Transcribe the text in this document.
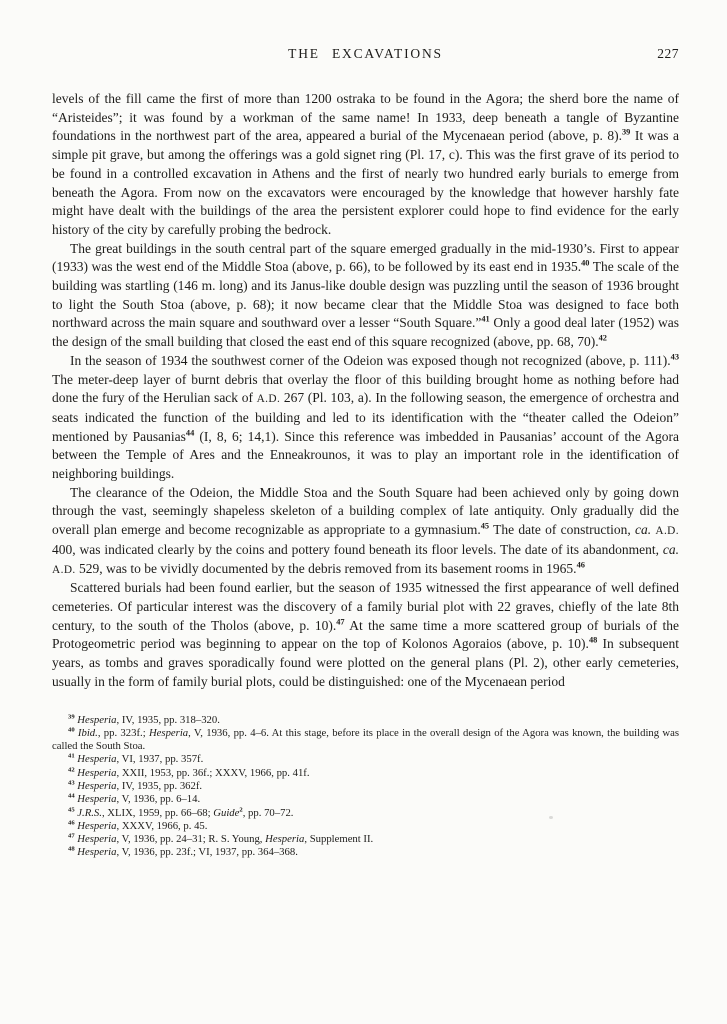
THE EXCAVATIONS	227

levels of the fill came the first of more than 1200 ostraka to be found in the Agora; the sherd bore the name of “Aristeides”; it was found by a workman of the same name! In 1933, deep beneath a tangle of Byzantine foundations in the northwest part of the area, appeared a burial of the Mycenaean period (above, p. 8).$^{39}$ It was a simple pit grave, but among the offerings was a gold signet ring (Pl. 17, c). This was the first grave of its period to be found in a controlled excavation in Athens and the first of nearly two hundred early burials to emerge from beneath the Agora. From now on the excavators were encouraged by the knowledge that however harshly fate might have dealt with the buildings of the area the persistent explorer could hope to find evidence for the early history of the city by carefully probing the bedrock.

The great buildings in the south central part of the square emerged gradually in the mid-1930’s. First to appear (1933) was the west end of the Middle Stoa (above, p. 66), to be followed by its east end in 1935.40 The scale of the building was startling (146 m. long) and its Janus-like double design was puzzling until the season of 1936 brought to light the South Stoa (above, p. 68); it now became clear that the Middle Stoa was designed to face both northward across the main square and southward over a lesser “South Square.”$^{41}$ Only a good deal later (1952) was the design of the small building that closed the east end of this square recognized (above, pp. 68, 70).$^{42}$

In the season of 1934 the southwest corner of the Odeion was exposed though not recognized (above, p. 111).$^{43}$ The meter-deep layer of burnt debris that overlay the floor of this building brought home as nothing before had done the fury of the Herulian sack of A.D. 267 (Pl. 103, a). In the following season, the emergence of orchestra and seats indicated the function of the building and led to its identification with the “theater called the Odeion” mentioned by Pausanias$^{44}$ (I, 8, 6; 14,1). Since this reference was imbedded in Pausanias’ account of the Agora between the Temple of Ares and the Enneakrounos, it was to play an important role in the identification of neighboring buildings.

The clearance of the Odeion, the Middle Stoa and the South Square had been achieved only by going down through the vast, seemingly shapeless skeleton of a building complex of late antiquity. Only gradually did the overall plan emerge and become recognizable as appropriate to a gymnasium.$^{45}$ The date of construction, ca. A.D. 400, was indicated clearly by the coins and pottery found beneath its floor levels. The date of its abandonment, ca. A.D. 529, was to be vividly documented by the debris removed from its basement rooms in 1965.46

Scattered burials had been found earlier, but the season of 1935 witnessed the first appearance of well defined cemeteries. Of particular interest was the discovery of a family burial plot with 22 graves, chiefly of the late 8th century, to the south of the Tholos (above, p. 10).$^{47}$ At the same time a more scattered group of burials of the Protogeometric period was beginning to appear on the top of Kolonos Agoraios (above, p. 10).$^{48}$ In subsequent years, as tombs and graves sporadically found were plotted on the general plans (Pl. 2), other early cemeteries, usually in the form of family burial plots, could be distinguished: one of the Mycenaean period

$^{39}$ Hesperia, IV, 1935, pp. 318–320.
$^{40}$ Ibid., pp. 323f.; Hesperia, V, 1936, pp. 4–6. At this stage, before its place in the overall design of the Agora was known, the building was called the South Stoa.
$^{41}$ Hesperia, VI, 1937, pp. 357f.
$^{42}$ Hesperia, XXII, 1953, pp. 36f.; XXXV, 1966, pp. 41f.
$^{43}$ Hesperia, IV, 1935, pp. 362f.
$^{44}$ Hesperia, V, 1936, pp. 6–14.
$^{45}$ J.R.S., XLIX, 1959, pp. 66–68; Guide$^2$, pp. 70–72.
$^{46}$ Hesperia, XXXV, 1966, p. 45.
$^{47}$ Hesperia, V, 1936, pp. 24–31; R. S. Young, Hesperia, Supplement II.
$^{48}$ Hesperia, V, 1936, pp. 23f.; VI, 1937, pp. 364–368.
